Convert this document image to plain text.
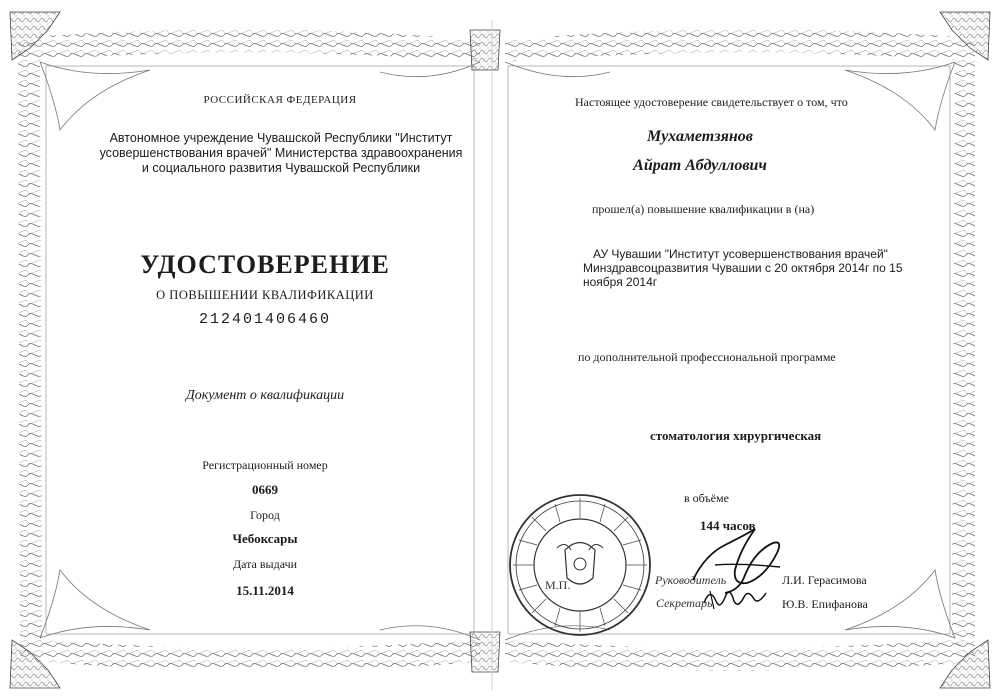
РОССИЙСКАЯ ФЕДЕРАЦИЯ
Автономное учреждение Чувашской Республики "Институт
усовершенствования врачей" Министерства здравоохранения
и социального развития Чувашской Республики
УДОСТОВЕРЕНИЕ
О ПОВЫШЕНИИ КВАЛИФИКАЦИИ
212401406460
Документ о квалификации
Регистрационный номер
0669
Город
Чебоксары
Дата выдачи
15.11.2014
Настоящее удостоверение свидетельствует о том, что
Мухаметзянов
Айрат Абдуллович
прошел(а) повышение квалификации в (на)
АУ Чувашии "Институт усовершенствования врачей"
Минздравсоцразвития Чувашии с 20 октября 2014г по 15
ноября 2014г
по дополнительной профессиональной программе
стоматология хирургическая
в объёме
144 часов
М.П.	Руководитель	Л.И. Герасимова
Секретарь	Ю.В. Епифанова
